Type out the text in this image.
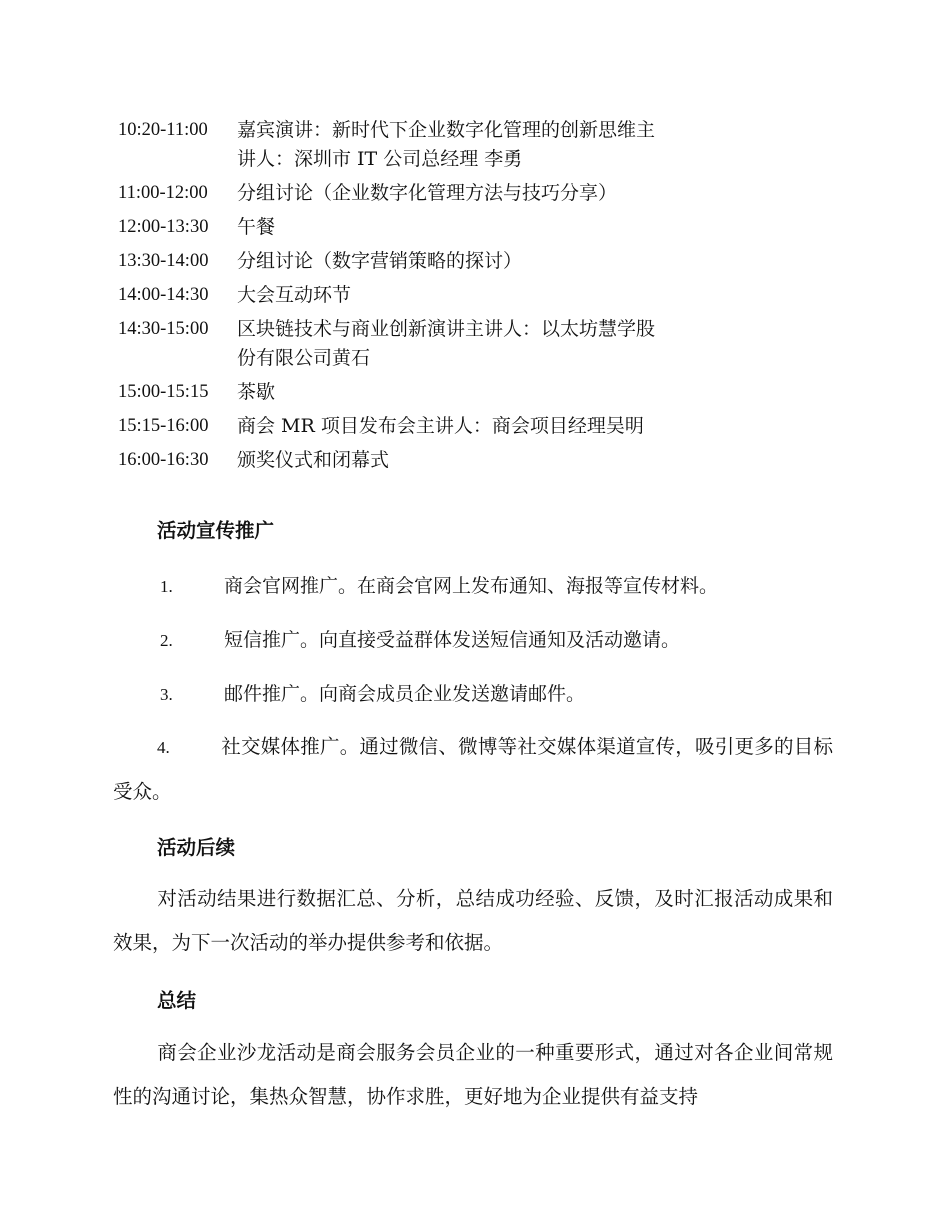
10:20-11:00	嘉宾演讲：新时代下企业数字化管理的创新思维主讲人：深圳市 IT 公司总经理 李勇
11:00-12:00	分组讨论（企业数字化管理方法与技巧分享）
12:00-13:30	午餐
13:30-14:00	分组讨论（数字营销策略的探讨）
14:00-14:30	大会互动环节
14:30-15:00	区块链技术与商业创新演讲主讲人：以太坊慧学股份有限公司黄石
15:00-15:15	茶歇
15:15-16:00	商会 MR 项目发布会主讲人：商会项目经理吴明
16:00-16:30	颁奖仪式和闭幕式
活动宣传推广
1.	商会官网推广。在商会官网上发布通知、海报等宣传材料。
2.	短信推广。向直接受益群体发送短信通知及活动邀请。
3.	邮件推广。向商会成员企业发送邀请邮件。
4.	社交媒体推广。通过微信、微博等社交媒体渠道宣传，吸引更多的目标受众。
活动后续
对活动结果进行数据汇总、分析，总结成功经验、反馈，及时汇报活动成果和效果，为下一次活动的举办提供参考和依据。
总结
商会企业沙龙活动是商会服务会员企业的一种重要形式，通过对各企业间常规性的沟通讨论，集热众智慧，协作求胜，更好地为企业提供有益支持
